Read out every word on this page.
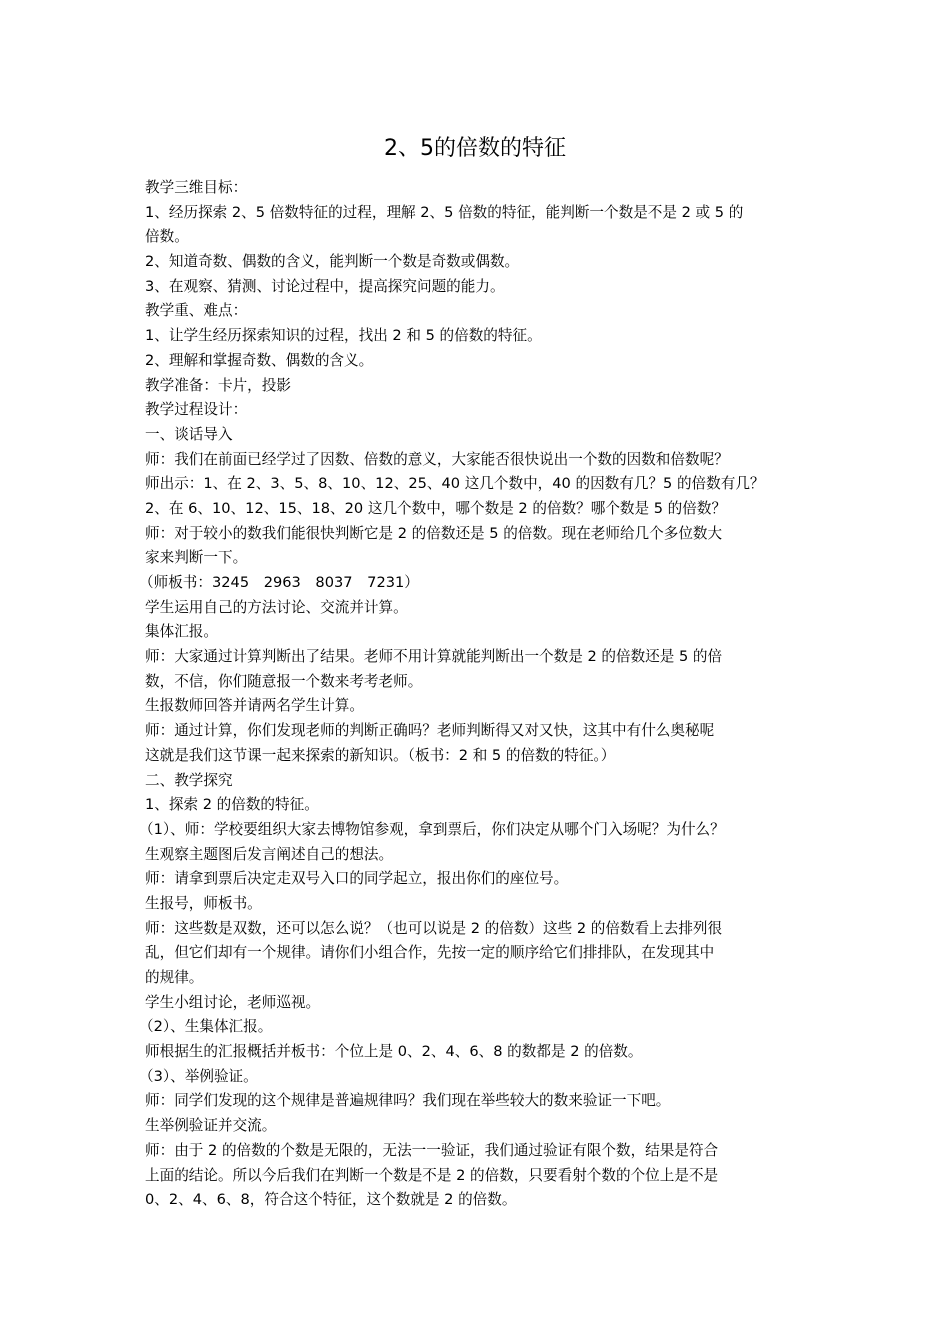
2、5的倍数的特征
教学三维目标：
1、经历探索 2、5 倍数特征的过程，理解 2、5 倍数的特征，能判断一个数是不是 2 或 5 的
倍数。
2、知道奇数、偶数的含义，能判断一个数是奇数或偶数。
3、在观察、猜测、讨论过程中，提高探究问题的能力。
教学重、难点：
1、让学生经历探索知识的过程，找出 2 和 5 的倍数的特征。
2、理解和掌握奇数、偶数的含义。
教学准备：卡片，投影
教学过程设计：
一、谈话导入
师：我们在前面已经学过了因数、倍数的意义，大家能否很快说出一个数的因数和倍数呢？
师出示：1、在 2、3、5、8、10、12、25、40 这几个数中，40 的因数有几？5 的倍数有几？
2、在 6、10、12、15、18、20 这几个数中，哪个数是 2 的倍数？哪个数是 5 的倍数？
师：对于较小的数我们能很快判断它是 2 的倍数还是 5 的倍数。现在老师给几个多位数大
家来判断一下。
（师板书：3245　2963　8037　7231）
学生运用自己的方法讨论、交流并计算。
集体汇报。
师：大家通过计算判断出了结果。老师不用计算就能判断出一个数是 2 的倍数还是 5 的倍
数，不信，你们随意报一个数来考考老师。
生报数师回答并请两名学生计算。
师：通过计算，你们发现老师的判断正确吗？老师判断得又对又快，这其中有什么奥秘呢
这就是我们这节课一起来探索的新知识。（板书：2 和 5 的倍数的特征。）
二、教学探究
1、探索 2 的倍数的特征。
（1）、师：学校要组织大家去博物馆参观，拿到票后，你们决定从哪个门入场呢？为什么？
生观察主题图后发言阐述自己的想法。
师：请拿到票后决定走双号入口的同学起立，报出你们的座位号。
生报号，师板书。
师：这些数是双数，还可以怎么说？（也可以说是 2 的倍数）这些 2 的倍数看上去排列很
乱，但它们却有一个规律。请你们小组合作，先按一定的顺序给它们排排队，在发现其中
的规律。
学生小组讨论，老师巡视。
（2）、生集体汇报。
师根据生的汇报概括并板书：个位上是 0、2、4、6、8 的数都是 2 的倍数。
（3）、举例验证。
师：同学们发现的这个规律是普遍规律吗？我们现在举些较大的数来验证一下吧。
生举例验证并交流。
师：由于 2 的倍数的个数是无限的，无法一一验证，我们通过验证有限个数，结果是符合
上面的结论。所以今后我们在判断一个数是不是 2 的倍数，只要看射个数的个位上是不是
0、2、4、6、8，符合这个特征，这个数就是 2 的倍数。
